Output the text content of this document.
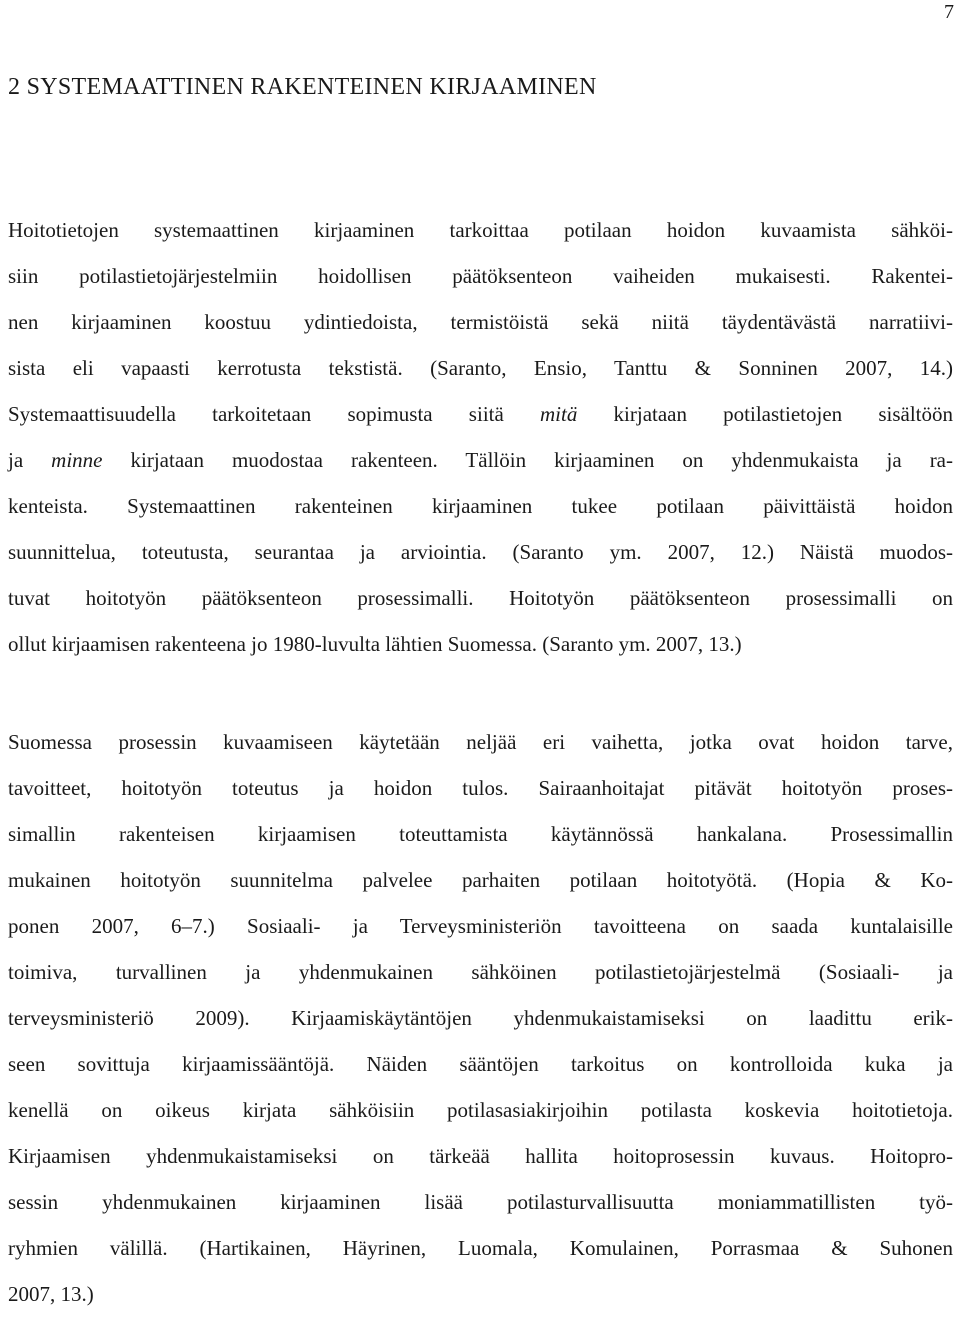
7
2 SYSTEMAATTINEN RAKENTEINEN KIRJAAMINEN
Hoitotietojen systemaattinen kirjaaminen tarkoittaa potilaan hoidon kuvaamista sähköi-
siin potilastietojärjestelmiin hoidollisen päätöksenteon vaiheiden mukaisesti. Rakentei-
nen kirjaaminen koostuu ydintiedoista, termistöistä sekä niitä täydentävästä narratiivi-
sista eli vapaasti kerrotusta tekstistä. (Saranto, Ensio, Tanttu & Sonninen 2007, 14.)
Systemaattisuudella tarkoitetaan sopimusta siitä mitä kirjataan potilastietojen sisältöön
ja minne kirjataan muodostaa rakenteen. Tällöin kirjaaminen on yhdenmukaista ja ra-
kenteista. Systemaattinen rakenteinen kirjaaminen tukee potilaan päivittäistä hoidon
suunnittelua, toteutusta, seurantaa ja arviointia. (Saranto ym. 2007, 12.) Näistä muodos-
tuvat hoitotyön päätöksenteon prosessimalli. Hoitotyön päätöksenteon prosessimalli on
ollut kirjaamisen rakenteena jo 1980-luvulta lähtien Suomessa. (Saranto ym. 2007, 13.)
Suomessa prosessin kuvaamiseen käytetään neljää eri vaihetta, jotka ovat hoidon tarve,
tavoitteet, hoitotyön toteutus ja hoidon tulos. Sairaanhoitajat pitävät hoitotyön proses-
simallin rakenteisen kirjaamisen toteuttamista käytännössä hankalana. Prosessimallin
mukainen hoitotyön suunnitelma palvelee parhaiten potilaan hoitotyötä. (Hopia & Ko-
ponen 2007, 6–7.) Sosiaali- ja Terveysministeriön tavoitteena on saada kuntalaisille
toimiva, turvallinen ja yhdenmukainen sähköinen potilastietojärjestelmä (Sosiaali- ja
terveysministeriö 2009). Kirjaamiskäytäntöjen yhdenmukaistamiseksi on laadittu erik-
seen sovittuja kirjaamissääntöjä. Näiden sääntöjen tarkoitus on kontrolloida kuka ja
kenellä on oikeus kirjata sähköisiin potilasasiakirjoihin potilasta koskevia hoitotietoja.
Kirjaamisen yhdenmukaistamiseksi on tärkeää hallita hoitoprosessin kuvaus. Hoitopro-
sessin yhdenmukainen kirjaaminen lisää potilasturvallisuutta moniammatillisten työ-
ryhmien välillä. (Hartikainen, Häyrinen, Luomala, Komulainen, Porrasmaa & Suhonen
2007, 13.)
